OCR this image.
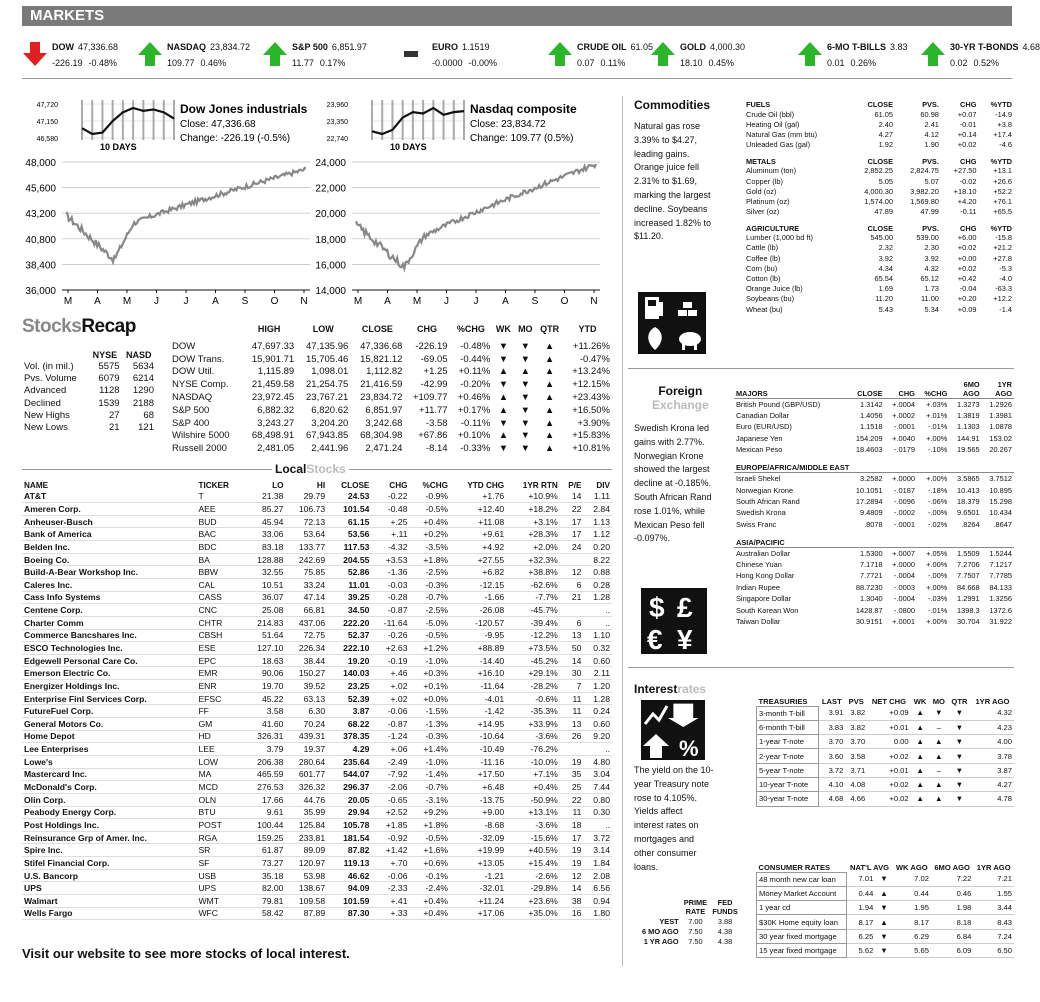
MARKETS
DOW 47,336.68
-226.19 -0.48%
NASDAQ 23,834.72
109.77 0.46%
S&P 500 6,851.97
11.77 0.17%
EURO 1.1519
-0.0000 -0.00%
CRUDE OIL 61.05
0.07 0.11%
GOLD 4,000.30
18.10 0.45%
6-MO T-BILLS 3.83
0.01 0.26%
30-YR T-BONDS 4.68
0.02 0.52%
47,720
47,150
46,580
10 DAYS
Dow Jones industrials
Close: 47,336.68
Change: -226.19 (-0.5%)
48,000
45,600
43,200
40,800
38,400
36,000
M A M J J A S O N
23,960
23,350
22,740
10 DAYS
Nasdaq composite
Close: 23,834.72
Change: 109.77 (0.5%)
24,000
22,000
20,000
18,000
16,000
14,000
M A M J J A S O N
StocksRecap
	NYSE	NASD
Vol. (in mil.)	5575	5634
Pvs. Volume	6079	6214
Advanced	1128	1290
Declined	1539	2188
New Highs	27	68
New Lows	21	121
	HIGH	LOW	CLOSE	CHG	%CHG	WK	MO	QTR	YTD
DOW	47,697.33	47,135.96	47,336.68	-226.19	-0.48%	▼	▼	▲	+11.26%
DOW Trans.	15,901.71	15,705.46	15,821.12	-69.05	-0.44%	▼	▼	▲	-0.47%
DOW Util.	1,115.89	1,098.01	1,112.82	+1.25	+0.11%	▲	▲	▲	+13.24%
NYSE Comp.	21,459.58	21,254.75	21,416.59	-42.99	-0.20%	▼	▼	▲	+12.15%
NASDAQ	23,972.45	23,767.21	23,834.72	+109.77	+0.46%	▲	▼	▲	+23.43%
S&P 500	6,882.32	6,820.62	6,851.97	+11.77	+0.17%	▲	▼	▲	+16.50%
S&P 400	3,243.27	3,204.20	3,242.68	-3.58	-0.11%	▼	▼	▲	+3.90%
Wilshire 5000	68,498.91	67,943.85	68,304.98	+67.86	+0.10%	▲	▼	▲	+15.83%
Russell 2000	2,481.05	2,441.96	2,471.24	-8.14	-0.33%	▼	▼	▲	+10.81%
LocalStocks
NAME	TICKER	LO	HI	CLOSE	CHG	%CHG	YTD CHG	1YR RTN	P/E	DIV
AT&T	T	21.38	29.79	24.53	-0.22	-0.9%	+1.76	+10.9%	14	1.11
Ameren Corp.	AEE	85.27	106.73	101.54	-0.48	-0.5%	+12.40	+18.2%	22	2.84
Anheuser-Busch	BUD	45.94	72.13	61.15	+.25	+0.4%	+11.08	+3.1%	17	1.13
Bank of America	BAC	33.06	53.64	53.56	+.11	+0.2%	+9.61	+28.3%	17	1.12
Belden Inc.	BDC	83.18	133.77	117.53	-4.32	-3.5%	+4.92	+2.0%	24	0.20
Boeing Co.	BA	128.88	242.69	204.55	+3.53	+1.8%	+27.55	+32.3%		8.22
Build-A-Bear Workshop Inc.	BBW	32.55	75.85	52.86	-1.36	-2.5%	+6.82	+38.8%	12	0.88
Caleres Inc.	CAL	10.51	33.24	11.01	-0.03	-0.3%	-12.15	-62.6%	6	0.28
Cass Info Systems	CASS	36.07	47.14	39.25	-0.28	-0.7%	-1.66	-7.7%	21	1.28
Centene Corp.	CNC	25.08	66.81	34.50	-0.87	-2.5%	-26.08	-45.7%		..
Charter Comm	CHTR	214.83	437.06	222.20	-11.64	-5.0%	-120.57	-39.4%	6	..
Commerce Bancshares Inc.	CBSH	51.64	72.75	52.37	-0.26	-0.5%	-9.95	-12.2%	13	1.10
ESCO Technologies Inc.	ESE	127.10	226.34	222.10	+2.63	+1.2%	+88.89	+73.5%	50	0.32
Edgewell Personal Care Co.	EPC	18.63	38.44	19.20	-0.19	-1.0%	-14.40	-45.2%	14	0.60
Emerson Electric Co.	EMR	90.06	150.27	140.03	+.46	+0.3%	+16.10	+29.1%	30	2.11
Energizer Holdings Inc.	ENR	19.70	39.52	23.25	+.02	+0.1%	-11.64	-28.2%	7	1.20
Enterprise Finl Services Corp.	EFSC	45.22	63.13	52.39	+.02	+0.0%	-4.01	-0.6%	11	1.28
FutureFuel Corp.	FF	3.58	6.30	3.87	-0.06	-1.5%	-1.42	-35.3%	11	0.24
General Motors Co.	GM	41.60	70.24	68.22	-0.87	-1.3%	+14.95	+33.9%	13	0.60
Home Depot	HD	326.31	439.31	378.35	-1.24	-0.3%	-10.64	-3.6%	26	9.20
Lee Enterprises	LEE	3.79	19.37	4.29	+.06	+1.4%	-10.49	-76.2%		..
Lowe's	LOW	206.38	280.64	235.64	-2.49	-1.0%	-11.16	-10.0%	19	4.80
Mastercard Inc.	MA	465.59	601.77	544.07	-7.92	-1.4%	+17.50	+7.1%	35	3.04
McDonald's Corp.	MCD	276.53	326.32	296.37	-2.06	-0.7%	+6.48	+0.4%	25	7.44
Olin Corp.	OLN	17.66	44.76	20.05	-0.65	-3.1%	-13.75	-50.9%	22	0.80
Peabody Energy Corp.	BTU	9.61	35.99	29.94	+2.52	+9.2%	+9.00	+13.1%	11	0.30
Post Holdings Inc.	POST	100.44	125.84	105.78	+1.85	+1.8%	-8.68	-3.6%	18	..
Reinsurance Grp of Amer. Inc.	RGA	159.25	233.81	181.54	-0.92	-0.5%	-32.09	-15.6%	17	3.72
Spire Inc.	SR	61.87	89.09	87.82	+1.42	+1.6%	+19.99	+40.5%	19	3.14
Stifel Financial Corp.	SF	73.27	120.97	119.13	+.70	+0.6%	+13.05	+15.4%	19	1.84
U.S. Bancorp	USB	35.18	53.98	46.62	-0.06	-0.1%	-1.21	-2.6%	12	2.08
UPS	UPS	82.00	138.67	94.09	-2.33	-2.4%	-32.01	-29.8%	14	6.56
Walmart	WMT	79.81	109.58	101.59	+.41	+0.4%	+11.24	+23.6%	38	0.94
Wells Fargo	WFC	58.42	87.89	87.30	+.33	+0.4%	+17.06	+35.0%	16	1.80
Visit our website to see more stocks of local interest.
Commodities
Natural gas rose 3.39% to $4.27, leading gains. Orange juice fell 2.31% to $1.69, marking the largest decline. Soybeans increased 1.82% to $11.20.
FUELS	CLOSE	PVS.	CHG	%YTD
Crude Oil (bbl)	61.05	60.98	+0.07	-14.9
Heating Oil (gal)	2.40	2.41	-0.01	+3.8
Natural Gas (mm btu)	4.27	4.12	+0.14	+17.4
Unleaded Gas (gal)	1.92	1.90	+0.02	-4.6
METALS	CLOSE	PVS.	CHG	%YTD
Aluminum (ton)	2,852.25	2,824.75	+27.50	+13.1
Copper (lb)	5.05	5.07	-0.02	+26.6
Gold (oz)	4,000.30	3,982.20	+18.10	+52.2
Platinum (oz)	1,574.00	1,569.80	+4.20	+76.1
Silver (oz)	47.89	47.99	-0.11	+65.5
AGRICULTURE	CLOSE	PVS.	CHG	%YTD
Lumber (1,000 bd ft)	545.00	539.00	+6.00	-15.8
Cattle (lb)	2.32	2.30	+0.02	+21.2
Coffee (lb)	3.92	3.92	+0.00	+27.8
Corn (bu)	4.34	4.32	+0.02	-5.3
Cotton (lb)	65.54	65.12	+0.42	-4.0
Orange Juice (lb)	1.69	1.73	-0.04	-63.3
Soybeans (bu)	11.20	11.00	+0.20	+12.2
Wheat (bu)	5.43	5.34	+0.09	-1.4
Foreign
Exchange
Swedish Krona led gains with 2.77%. Norwegian Krone showed the largest decline at -0.185%. South African Rand rose 1.01%, while Mexican Peso fell -0.097%.
$ £
€ ¥
MAJORS	CLOSE	CHG	%CHG	6MO AGO	1YR AGO
British Pound (GBP/USD)	1.3142	+.0004	+.03%	1.3273	1.2926
Canadian Dollar	1.4056	+.0002	+.01%	1.3819	1.3981
Euro (EUR/USD)	1.1518	-.0001	-.01%	1.1303	1.0878
Japanese Yen	154.209	+.0040	+.00%	144.91	153.02
Mexican Peso	18.4603	-.0179	-.10%	19.565	20.267
EUROPE/AFRICA/MIDDLE EAST					
Israeli Shekel	3.2582	+.0000	+.00%	3.5865	3.7512
Norwegian Krone	10.1051	-.0187	-.18%	10.413	10.895
South African Rand	17.2894	-.0096	-.06%	18.379	15.298
Swedish Krona	9.4809	-.0002	-.00%	9.6501	10.434
Swiss Franc	.8078	-.0001	-.02%	.8264	.8647
ASIA/PACIFIC					
Australian Dollar	1.5300	+.0007	+.05%	1.5509	1.5244
Chinese Yuan	7.1718	+.0000	+.00%	7.2706	7.1217
Hong Kong Dollar	7.7721	-.0004	-.00%	7.7507	7.7785
Indian Rupee	88.7230	-.0003	+.00%	84.668	84.133
Singapore Dollar	1.3040	-.0004	-.03%	1.2991	1.3256
South Korean Won	1428.87	-.0800	-.01%	1398.3	1372.6
Taiwan Dollar	30.9151	+.0001	+.00%	30.704	31.922
Interestrates
%
The yield on the 10-year Treasury note rose to 4.105%. Yields affect interest rates on mortgages and other consumer loans.
	PRIME RATE	FED FUNDS
YEST	7.00	3.88
6 MO AGO	7.50	4.38
1 YR AGO	7.50	4.38
TREASURIES	LAST	PVS	NET CHG	WK	MO	QTR	1YR AGO
3-month T-bill	3.91	3.82	+0.09	▲	▼	▼	4.32
6-month T-bill	3.83	3.82	+0.01	▲	–	▼	4.23
1-year T-note	3.70	3.70	0.00	▲	▲	▼	4.00
2-year T-note	3.60	3.58	+0.02	▲	▲	▼	3.78
5-year T-note	3.72	3.71	+0.01	▲	–	▼	3.87
10-year T-note	4.10	4.08	+0.02	▲	▲	▼	4.27
30-year T-note	4.68	4.66	+0.02	▲	▲	▼	4.78
CONSUMER RATES	NAT'L AVG		WK AGO	6MO AGO	1YR AGO
48 month new car loan	7.01	▼	7.02	7.22	7.21
Money Market Account	0.44	▲	0.44	0.46	1.55
1 year cd	1.94	▼	1.95	1.98	3.44
$30K Home equity loan	8.17	▲	8.17	8.18	8.43
30 year fixed mortgage	6.25	▼	6.29	6.84	7.24
15 year fixed mortgage	5.62	▼	5.65	6.09	6.50
